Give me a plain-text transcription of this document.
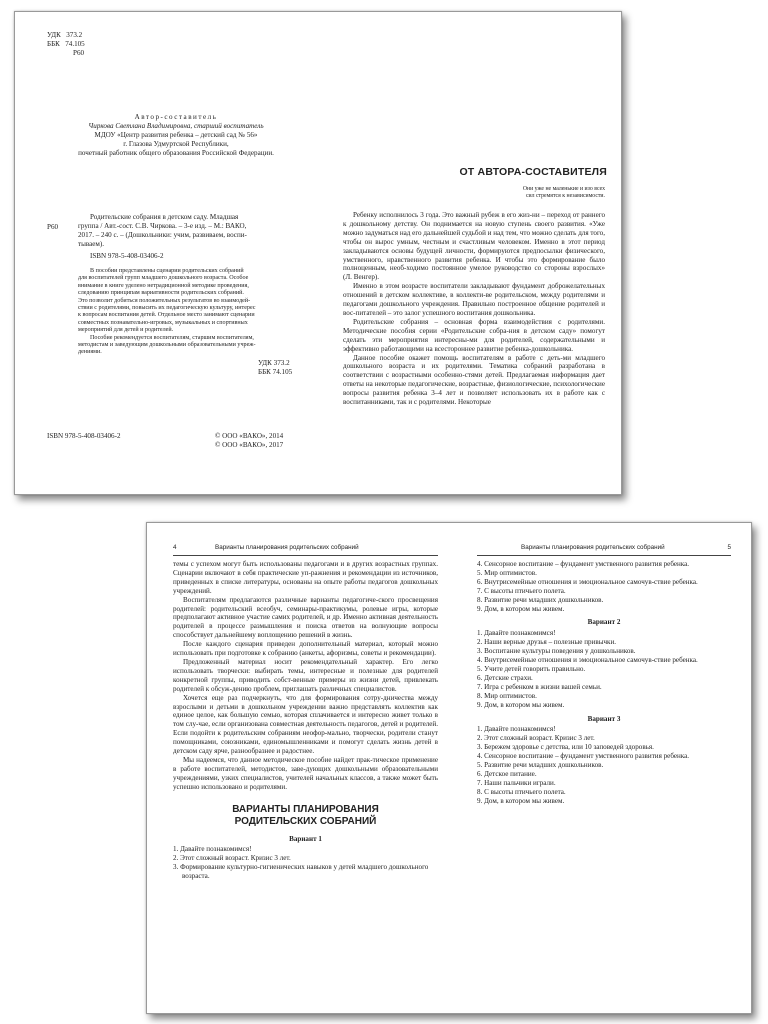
УДК 373.2
ББК 74.105
Р60
Автор-составитель
Чиркова Светлана Владимировна, старший воспитатель
МДОУ «Центр развития ребенка – детский сад № 56»
г. Глазова Удмуртской Республики,
почетный работник общего образования Российской Федерации.
Р60
Родительские собрания в детском саду. Младшая
группа / Авт.-сост. С.В. Чиркова. – 3-е изд. – М.: ВАКО,
2017. – 240 с. – (Дошкольники: учим, развиваем, воспи-
тываем).
ISBN 978-5-408-03406-2
В пособии представлены сценарии родительских собраний
для воспитателей групп младшего дошкольного возраста. Особое
внимание в книге уделено нетрадиционной методике проведения,
следованию принципам вариативности родительских собраний.
Это позволит добиться положительных результатов во взаимодей-
ствии с родителями, повысить их педагогическую культуру, интерес
к вопросам воспитания детей. Отдельное место занимают сценарии
совместных познавательно-игровых, музыкальных и спортивных
мероприятий для детей и родителей.
Пособие рекомендуется воспитателям, старшим воспитателям,
методистам и заведующим дошкольными образовательными учреж-
дениями.
УДК 373.2
ББК 74.105
ISBN 978-5-408-03406-2	© ООО «ВАКО», 2014
© ООО «ВАКО», 2017
ОТ АВТОРА-СОСТАВИТЕЛЯ
Они уже не маленькие и изо всех
сил стремятся к независимости.

Ребенку исполнилось 3 года. Это важный рубеж в его жиз-ни – переход от раннего к дошкольному детству. Он поднимается на новую ступень своего развития. «Уже можно задуматься над его дальнейшей судьбой и над тем, что можно сделать для того, чтобы он вырос умным, честным и счастливым человеком. Именно в этот период закладываются основы будущей личности, формируются предпосылки физического, умственного, нравственного развития ребенка. И чтобы это формирование было полноценным, необ-ходимо постоянное умелое руководство со стороны взрослых» (Л. Венгер).

Именно в этом возрасте воспитатели закладывают фундамент доброжелательных отношений в детском коллективе, в коллекти-ве родительском, между родителями и педагогами дошкольного учреждения. Правильно построенное общение родителей и вос-питателей – это залог успешного воспитания дошкольника.

Родительские собрания – основная форма взаимодействия с родителями. Методические пособия серии «Родительские собра-ния в детском саду» помогут сделать эти мероприятия интересны-ми для родителей, содержательными и эффективно работающими на всестороннее развитие ребенка-дошкольника.

Данное пособие окажет помощь воспитателям в работе с деть-ми младшего дошкольного возраста и их родителями. Тематика собраний разработана в соответствии с возрастными особенно-стями детей. Предлагаемая информация дает ответы на некоторые педагогические, возрастные, физиологические, психологические вопросы развития ребенка 3–4 лет и позволяет использовать их в работе как с воспитанниками, так и с родителями. Некоторые

4	Варианты планирования родительских собраний	Варианты планирования родительских собраний	5

темы с успехом могут быть использованы педагогами и в других возрастных группах. Сценарии включают в себя практические уп-ражнения и рекомендации из источников, приведенных в списке литературы, основаны на опыте работы педагогов дошкольных учреждений.

Воспитателям предлагаются различные варианты педагогиче-ского просвещения родителей: родительский всеобуч, семинары-практикумы, ролевые игры, которые предполагают активное участие самих родителей, и др. Именно активная деятельность родителей в процессе размышления и поиска ответов на волнующие вопросы способствует дальнейшему воплощению решений в жизнь.

После каждого сценария приведен дополнительный материал, который можно использовать при подготовке к собранию (анкеты, афоризмы, советы и рекомендации).

Предложенный материал носит рекомендательный характер. Его легко использовать творчески: выбирать темы, интересные и полезные для родителей конкретной группы, приводить собст-венные примеры из жизни детей, привлекать родителей к обсуж-дению проблем, приглашать различных специалистов.

Хочется еще раз подчеркнуть, что для формирования сотру-дничества между взрослыми и детьми в дошкольном учреждении важно представлять коллектив как единое целое, как большую семью, которая сплачивается и интересно живет только в том слу-чае, если организована совместная деятельность педагогов, детей и родителей. Если подойти к родительским собраниям неофор-мально, творчески, родители станут помощниками, союзниками, единомышленниками и помогут сделать жизнь детей в детском саду ярче, разнообразнее и радостнее.

Мы надеемся, что данное методическое пособие найдет прак-тическое применение в работе воспитателей, методистов, заве-дующих дошкольными образовательными учреждениями, узких специалистов, учителей начальных классов, а также может быть успешно использовано и родителями.

ВАРИАНТЫ ПЛАНИРОВАНИЯ
РОДИТЕЛЬСКИХ СОБРАНИЙ
Вариант 1
1. Давайте познакомимся!
2. Этот сложный возраст. Кризис 3 лет.
3. Формирование культурно-гигиенических навыков у детей младшего дошкольного возраста.
4. Сенсорное воспитание – фундамент умственного развития ребенка.
5. Мир оптимистов.
6. Внутрисемейные отношения и эмоциональное самочув-ствие ребенка.
7. С высоты птичьего полета.
8. Развитие речи младших дошкольников.
9. Дом, в котором мы живем.
Вариант 2
1. Давайте познакомимся!
2. Наши верные друзья – полезные привычки.
3. Воспитание культуры поведения у дошкольников.
4. Внутрисемейные отношения и эмоциональное самочув-ствие ребенка.
5. Учите детей говорить правильно.
6. Детские страхи.
7. Игра с ребенком в жизни вашей семьи.
8. Мир оптимистов.
9. Дом, в котором мы живем.
Вариант 3
1. Давайте познакомимся!
2. Этот сложный возраст. Кризис 3 лет.
3. Бережем здоровье с детства, или 10 заповедей здоровья.
4. Сенсорное воспитание – фундамент умственного развития ребенка.
5. Развитие речи младших дошкольников.
6. Детское питание.
7. Наши пальчики играли.
8. С высоты птичьего полета.
9. Дом, в котором мы живем.
